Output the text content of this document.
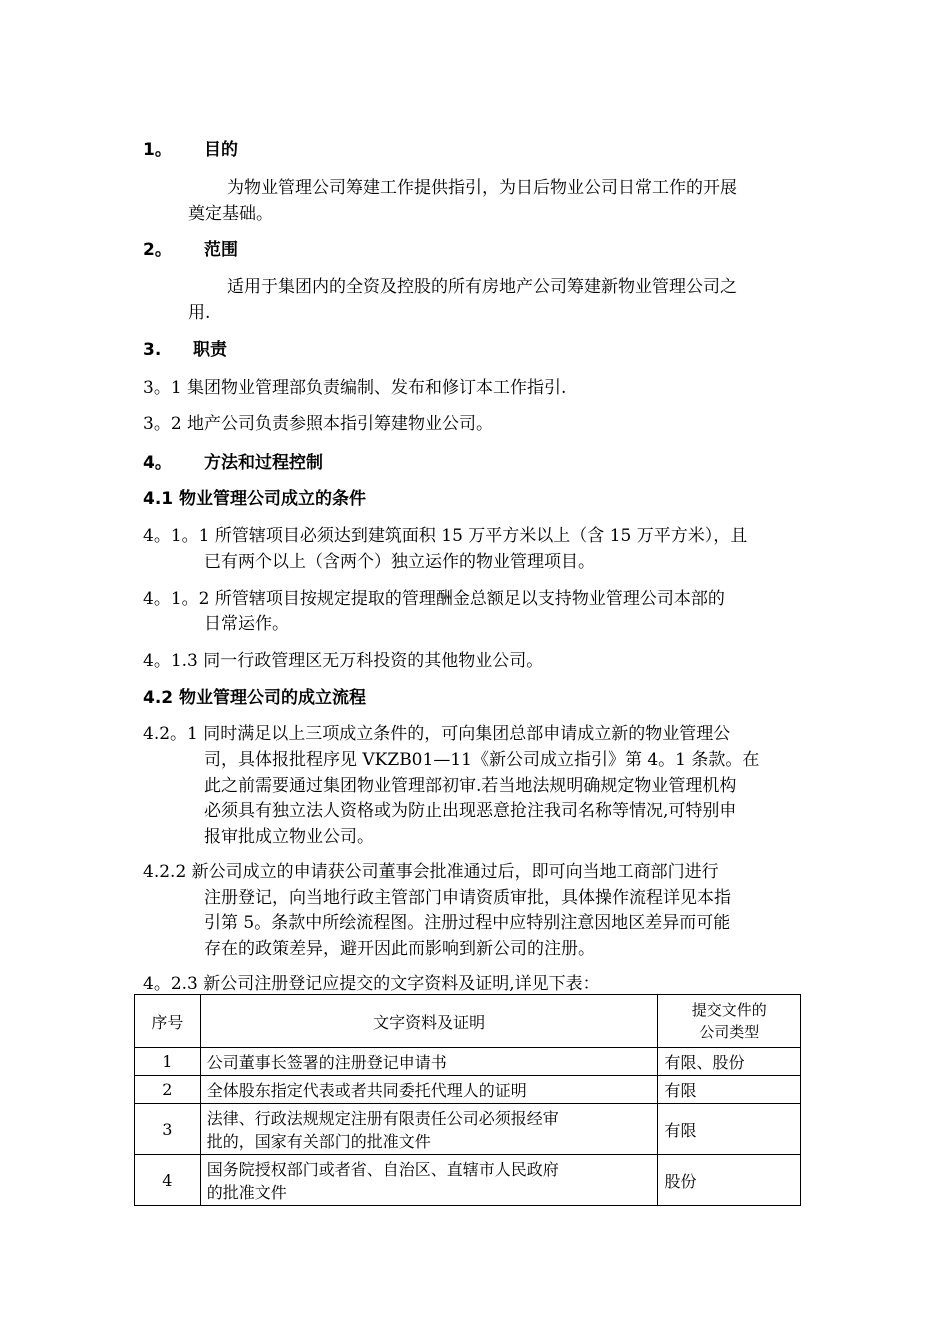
1。 目的
为物业管理公司筹建工作提供指引，为日后物业公司日常工作的开展
奠定基础。
2。 范围
适用于集团内的全资及控股的所有房地产公司筹建新物业管理公司之
用.
3. 职责
3。1 集团物业管理部负责编制、发布和修订本工作指引.
3。2 地产公司负责参照本指引筹建物业公司。
4。 方法和过程控制
4.1 物业管理公司成立的条件
4。1。1 所管辖项目必须达到建筑面积 15 万平方米以上（含 15 万平方米），且
已有两个以上（含两个）独立运作的物业管理项目。
4。1。2 所管辖项目按规定提取的管理酬金总额足以支持物业管理公司本部的
日常运作。
4。1.3 同一行政管理区无万科投资的其他物业公司。
4.2 物业管理公司的成立流程
4.2。1 同时满足以上三项成立条件的，可向集团总部申请成立新的物业管理公
司，具体报批程序见 VKZB01—11《新公司成立指引》第 4。1 条款。在
此之前需要通过集团物业管理部初审.若当地法规明确规定物业管理机构
必须具有独立法人资格或为防止出现恶意抢注我司名称等情况,可特别申
报审批成立物业公司。
4.2.2 新公司成立的申请获公司董事会批准通过后，即可向当地工商部门进行
注册登记，向当地行政主管部门申请资质审批，具体操作流程详见本指
引第 5。条款中所绘流程图。注册过程中应特别注意因地区差异而可能
存在的政策差异，避开因此而影响到新公司的注册。
4。2.3 新公司注册登记应提交的文字资料及证明,详见下表：
序号	文字资料及证明	提交文件的
公司类型

1	公司董事长签署的注册登记申请书	有限、股份
2	全体股东指定代表或者共同委托代理人的证明	有限
3	法律、行政法规规定注册有限责任公司必须报经审
批的，国家有关部门的批准文件	有限
4	国务院授权部门或者省、自治区、直辖市人民政府
的批准文件	股份
